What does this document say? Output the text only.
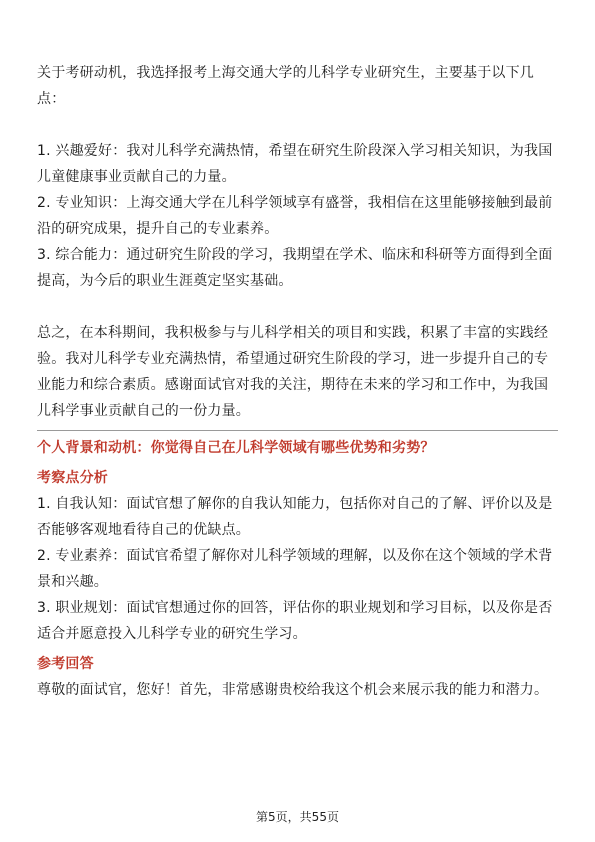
关于考研动机，我选择报考上海交通大学的儿科学专业研究生，主要基于以下几点：

1. 兴趣爱好：我对儿科学充满热情，希望在研究生阶段深入学习相关知识，为我国儿童健康事业贡献自己的力量。

2. 专业知识：上海交通大学在儿科学领域享有盛誉，我相信在这里能够接触到最前沿的研究成果，提升自己的专业素养。

3. 综合能力：通过研究生阶段的学习，我期望在学术、临床和科研等方面得到全面提高，为今后的职业生涯奠定坚实基础。

总之，在本科期间，我积极参与与儿科学相关的项目和实践，积累了丰富的实践经验。我对儿科学专业充满热情，希望通过研究生阶段的学习，进一步提升自己的专业能力和综合素质。感谢面试官对我的关注，期待在未来的学习和工作中，为我国儿科学事业贡献自己的一份力量。

个人背景和动机：你觉得自己在儿科学领域有哪些优势和劣势？

考察点分析

1. 自我认知：面试官想了解你的自我认知能力，包括你对自己的了解、评价以及是否能够客观地看待自己的优缺点。

2. 专业素养：面试官希望了解你对儿科学领域的理解，以及你在这个领域的学术背景和兴趣。

3. 职业规划：面试官想通过你的回答，评估你的职业规划和学习目标，以及你是否适合并愿意投入儿科学专业的研究生学习。

参考回答

尊敬的面试官，您好！首先，非常感谢贵校给我这个机会来展示我的能力和潜力。

第5页，共55页
